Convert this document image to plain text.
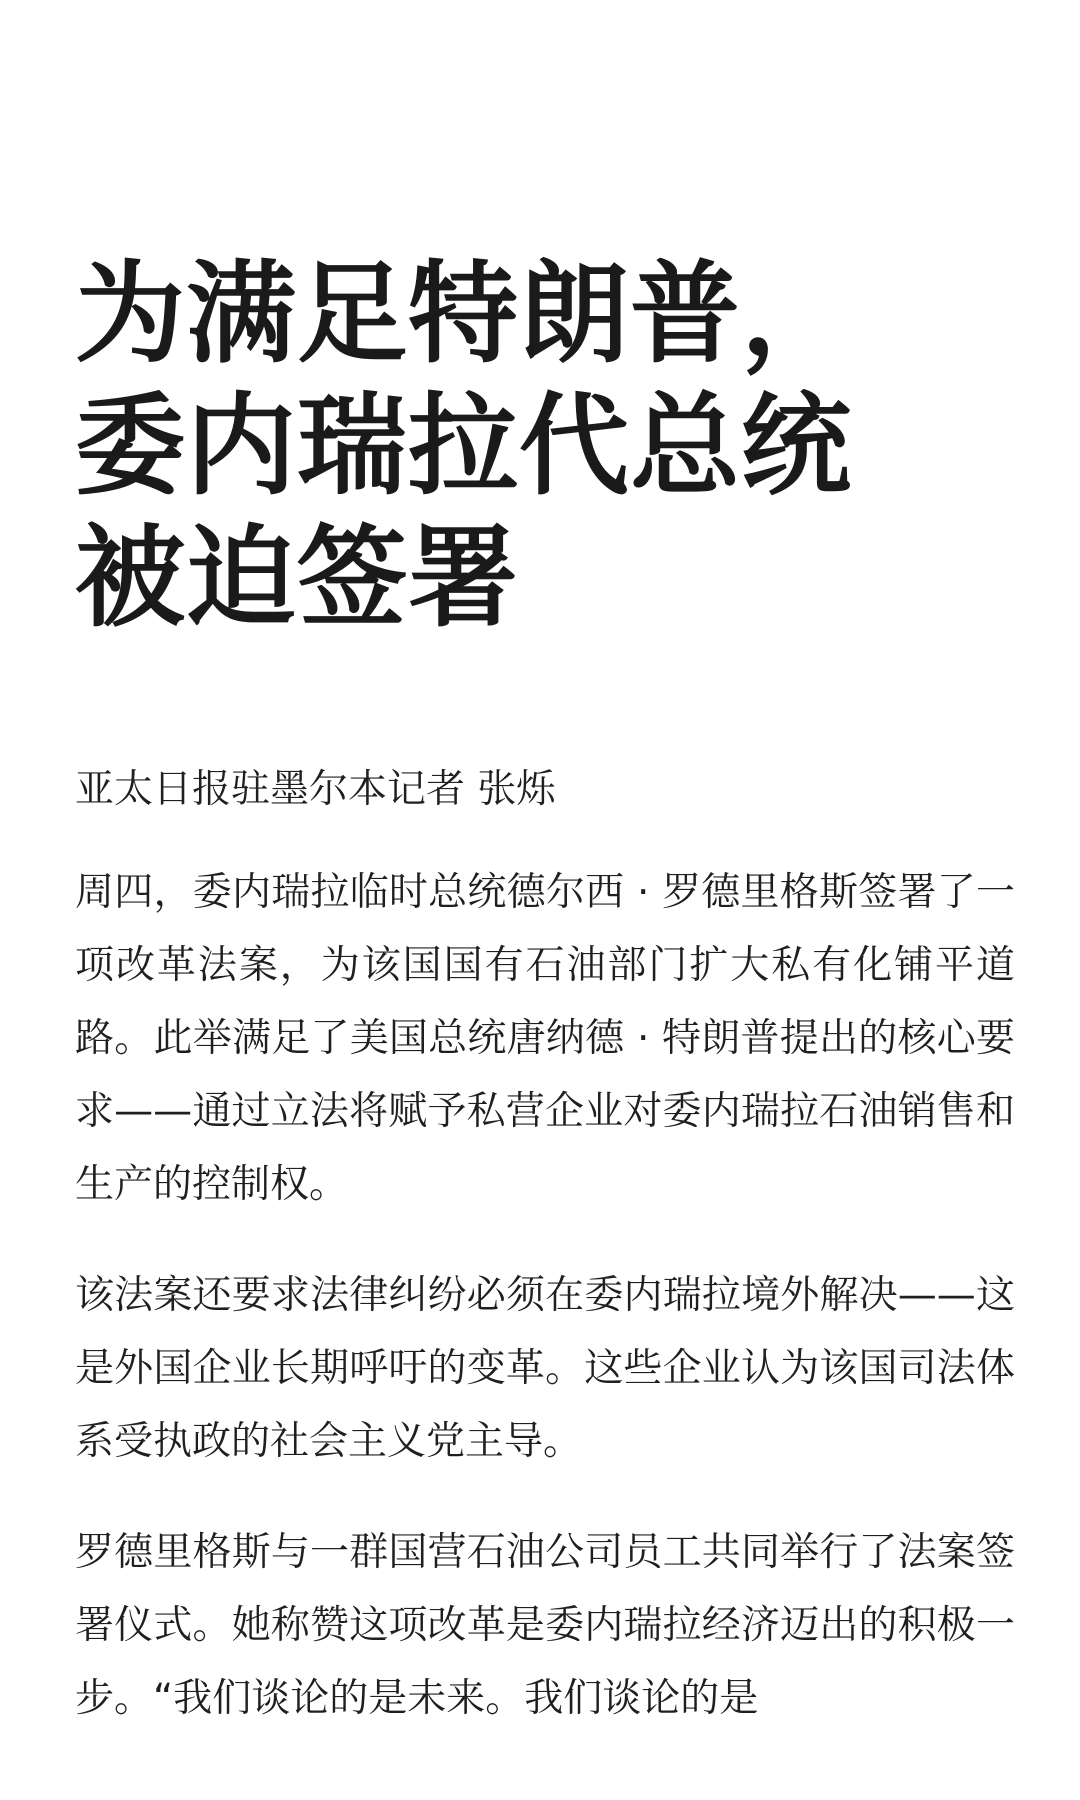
为满足特朗普，
委内瑞拉代总统
被迫签署
亚太日报驻墨尔本记者 张烁

周四，委内瑞拉临时总统德尔西 · 罗德里格斯签署了一项改革法案，为该国国有石油部门扩大私有化铺平道路。此举满足了美国总统唐纳德 · 特朗普提出的核心要求——通过立法将赋予私营企业对委内瑞拉石油销售和生产的控制权。

该法案还要求法律纠纷必须在委内瑞拉境外解决——这是外国企业长期呼吁的变革。这些企业认为该国司法体系受执政的社会主义党主导。

罗德里格斯与一群国营石油公司员工共同举行了法案签署仪式。她称赞这项改革是委内瑞拉经济迈出的积极一步。“我们谈论的是未来。我们谈论的是
